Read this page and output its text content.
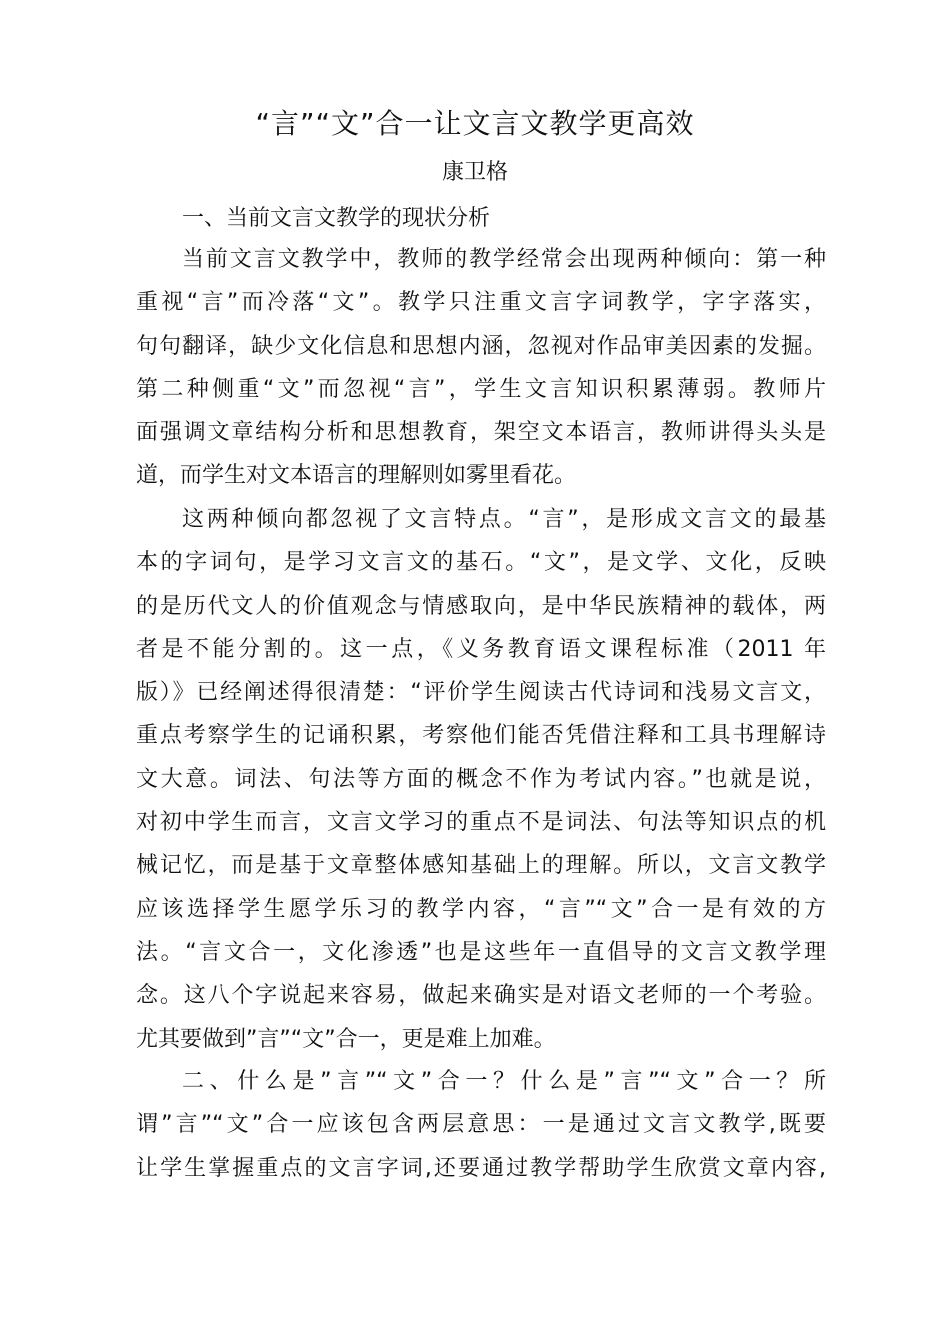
“言”“文”合一让文言文教学更高效
康卫格
一、当前文言文教学的现状分析
当前文言文教学中，教师的教学经常会出现两种倾向：第一种
重视“言”而冷落“文”。教学只注重文言字词教学，字字落实，
句句翻译，缺少文化信息和思想内涵，忽视对作品审美因素的发掘。
第二种侧重“文”而忽视“言”，学生文言知识积累薄弱。教师片
面强调文章结构分析和思想教育，架空文本语言，教师讲得头头是
道，而学生对文本语言的理解则如雾里看花。
这两种倾向都忽视了文言特点。“言”，是形成文言文的最基
本的字词句，是学习文言文的基石。“文”，是文学、文化，反映
的是历代文人的价值观念与情感取向，是中华民族精神的载体，两
者是不能分割的。这一点，《义务教育语文课程标准（2011 年
版）》已经阐述得很清楚：“评价学生阅读古代诗词和浅易文言文，
重点考察学生的记诵积累，考察他们能否凭借注释和工具书理解诗
文大意。词法、句法等方面的概念不作为考试内容。”也就是说，
对初中学生而言，文言文学习的重点不是词法、句法等知识点的机
械记忆，而是基于文章整体感知基础上的理解。所以，文言文教学
应该选择学生愿学乐习的教学内容，“言”“文”合一是有效的方
法。“言文合一，文化渗透”也是这些年一直倡导的文言文教学理
念。这八个字说起来容易，做起来确实是对语文老师的一个考验。
尤其要做到”言”“文”合一，更是难上加难。
二、什么是”言”“文”合一？什么是”言”“文”合一？所
谓”言”“文”合一应该包含两层意思：一是通过文言文教学,既要
让学生掌握重点的文言字词,还要通过教学帮助学生欣赏文章内容,
